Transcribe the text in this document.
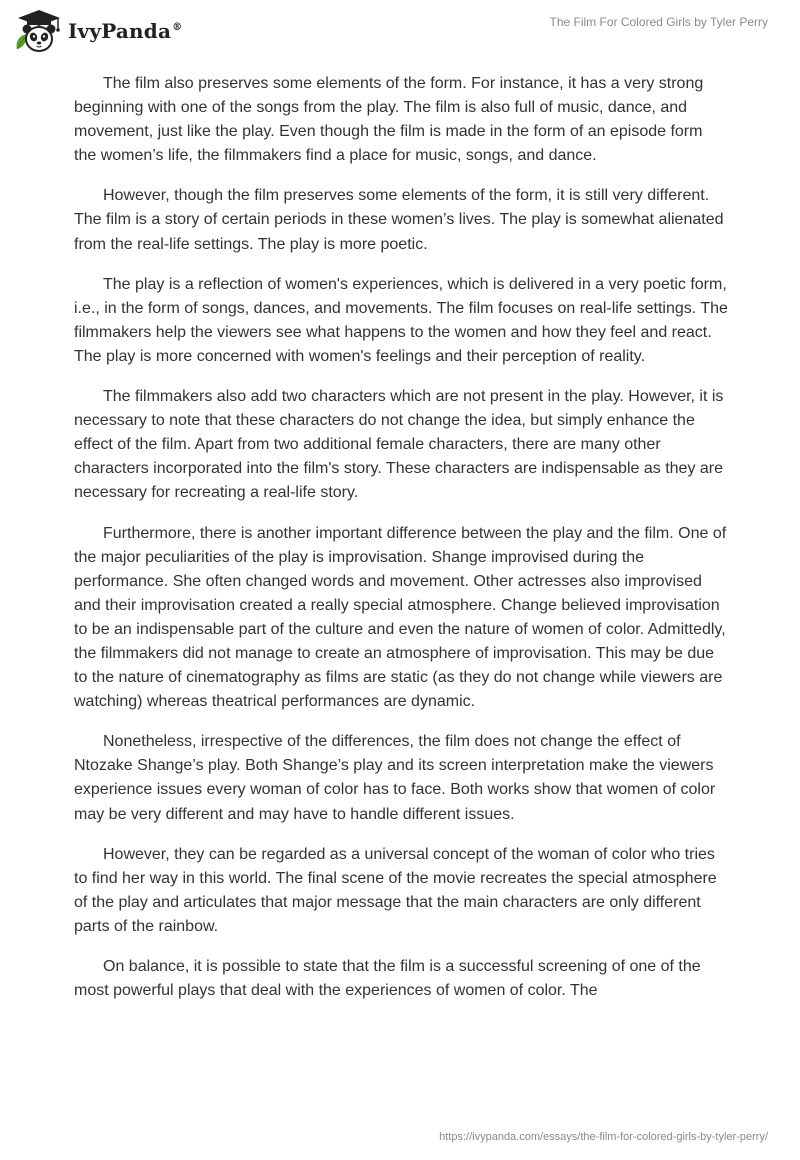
IvyPanda®	The Film For Colored Girls by Tyler Perry

The film also preserves some elements of the form. For instance, it has a very strong beginning with one of the songs from the play. The film is also full of music, dance, and movement, just like the play. Even though the film is made in the form of an episode form the women’s life, the filmmakers find a place for music, songs, and dance.

However, though the film preserves some elements of the form, it is still very different. The film is a story of certain periods in these women’s lives. The play is somewhat alienated from the real-life settings. The play is more poetic.

The play is a reflection of women's experiences, which is delivered in a very poetic form, i.e., in the form of songs, dances, and movements. The film focuses on real-life settings. The filmmakers help the viewers see what happens to the women and how they feel and react. The play is more concerned with women's feelings and their perception of reality.

The filmmakers also add two characters which are not present in the play. However, it is necessary to note that these characters do not change the idea, but simply enhance the effect of the film. Apart from two additional female characters, there are many other characters incorporated into the film's story. These characters are indispensable as they are necessary for recreating a real-life story.

Furthermore, there is another important difference between the play and the film. One of the major peculiarities of the play is improvisation. Shange improvised during the performance. She often changed words and movement. Other actresses also improvised and their improvisation created a really special atmosphere. Change believed improvisation to be an indispensable part of the culture and even the nature of women of color. Admittedly, the filmmakers did not manage to create an atmosphere of improvisation. This may be due to the nature of cinematography as films are static (as they do not change while viewers are watching) whereas theatrical performances are dynamic.

Nonetheless, irrespective of the differences, the film does not change the effect of Ntozake Shange’s play. Both Shange’s play and its screen interpretation make the viewers experience issues every woman of color has to face. Both works show that women of color may be very different and may have to handle different issues.

However, they can be regarded as a universal concept of the woman of color who tries to find her way in this world. The final scene of the movie recreates the special atmosphere of the play and articulates that major message that the main characters are only different parts of the rainbow.

On balance, it is possible to state that the film is a successful screening of one of the most powerful plays that deal with the experiences of women of color. The

https://ivypanda.com/essays/the-film-for-colored-girls-by-tyler-perry/
